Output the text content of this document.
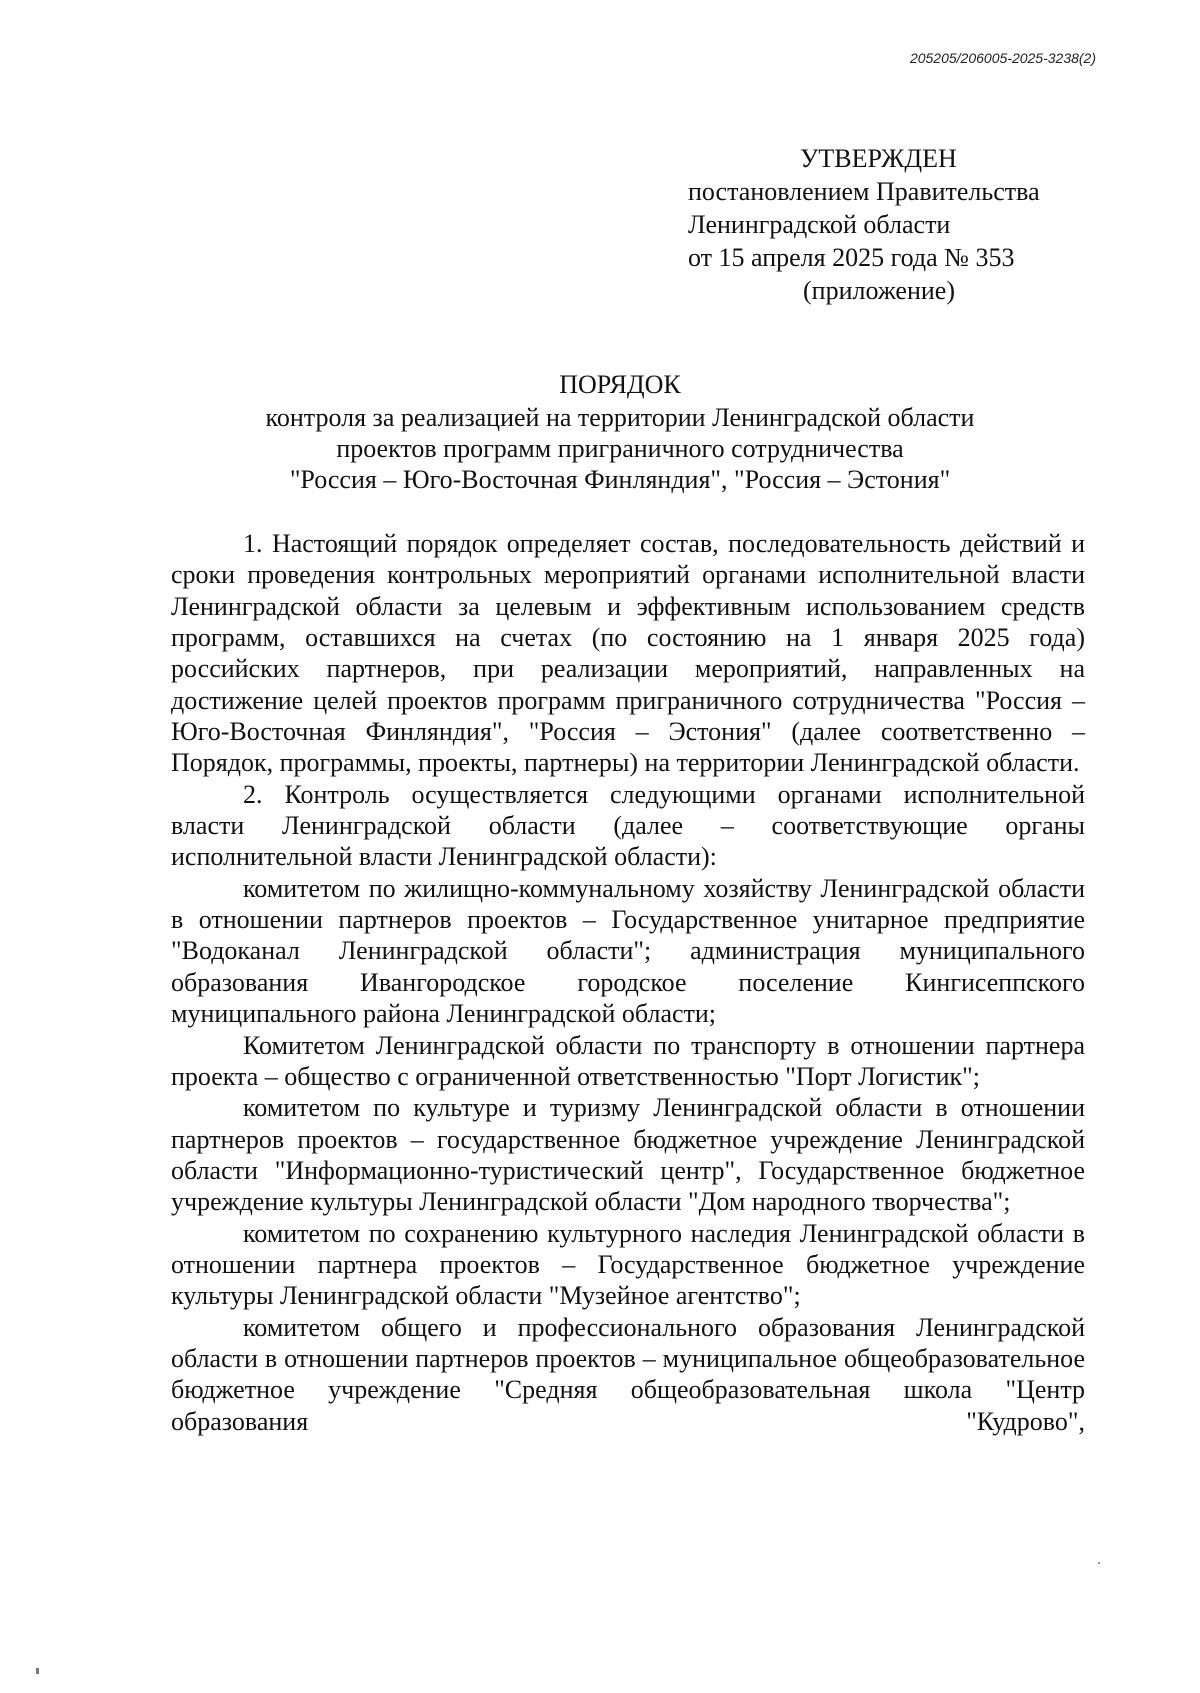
205205/206005-2025-3238(2)
УТВЕРЖДЕН
постановлением Правительства
Ленинградской области
от 15 апреля 2025 года № 353
(приложение)
ПОРЯДОК
контроля за реализацией на территории Ленинградской области
проектов программ приграничного сотрудничества
"Россия – Юго-Восточная Финляндия", "Россия – Эстония"

1. Настоящий порядок определяет состав, последовательность действий и сроки проведения контрольных мероприятий органами исполнительной власти Ленинградской области за целевым и эффективным использованием средств программ, оставшихся на счетах (по состоянию на 1 января 2025 года) российских партнеров, при реализации мероприятий, направленных на достижение целей проектов программ приграничного сотрудничества "Россия – Юго-Восточная Финляндия", "Россия – Эстония" (далее соответственно – Порядок, программы, проекты, партнеры) на территории Ленинградской области.

2. Контроль осуществляется следующими органами исполнительной власти Ленинградской области (далее – соответствующие органы исполнительной власти Ленинградской области):

комитетом по жилищно-коммунальному хозяйству Ленинградской области в отношении партнеров проектов – Государственное унитарное предприятие "Водоканал Ленинградской области"; администрация муниципального образования Ивангородское городское поселение Кингисеппского муниципального района Ленинградской области;

Комитетом Ленинградской области по транспорту в отношении партнера проекта – общество с ограниченной ответственностью "Порт Логистик";

комитетом по культуре и туризму Ленинградской области в отношении партнеров проектов – государственное бюджетное учреждение Ленинградской области "Информационно-туристический центр", Государственное бюджетное учреждение культуры Ленинградской области "Дом народного творчества";

комитетом по сохранению культурного наследия Ленинградской области в отношении партнера проектов – Государственное бюджетное учреждение культуры Ленинградской области "Музейное агентство";

комитетом общего и профессионального образования Ленинградской области в отношении партнеров проектов – муниципальное общеобразовательное бюджетное учреждение "Средняя общеобразовательная школа "Центр образования "Кудрово",
